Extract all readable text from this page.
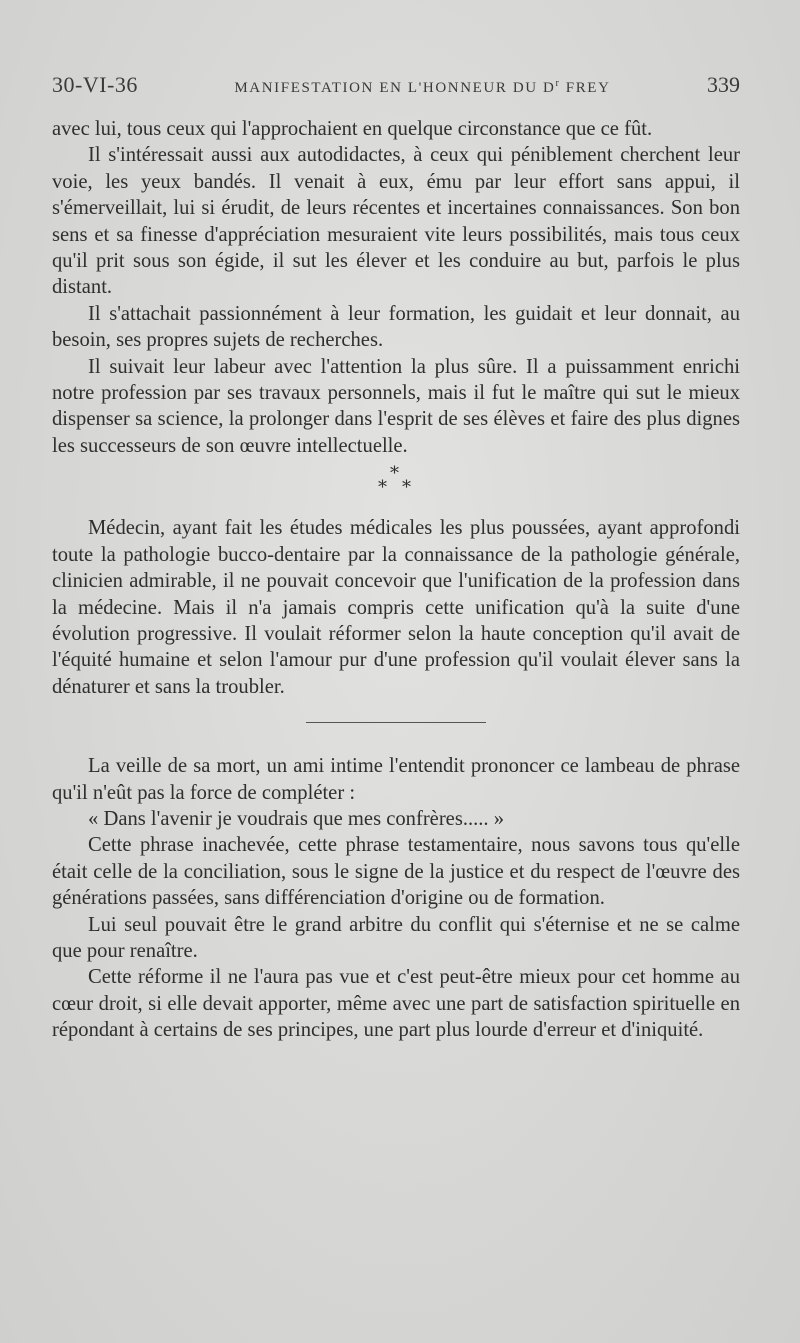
30-VI-36	MANIFESTATION EN L'HONNEUR DU $D^r$ FREY	339

avec lui, tous ceux qui l'approchaient en quelque circonstance que ce fût.

Il s'intéressait aussi aux autodidactes, à ceux qui péniblement cherchent leur voie, les yeux bandés. Il venait à eux, ému par leur effort sans appui, il s'émerveillait, lui si érudit, de leurs récentes et incertaines connaissances. Son bon sens et sa finesse d'appréciation mesuraient vite leurs possibilités, mais tous ceux qu'il prit sous son égide, il sut les élever et les conduire au but, parfois le plus distant.

Il s'attachait passionnément à leur formation, les guidait et leur donnait, au besoin, ses propres sujets de recherches.

Il suivait leur labeur avec l'attention la plus sûre. Il a puissamment enrichi notre profession par ses travaux personnels, mais il fut le maître qui sut le mieux dispenser sa science, la prolonger dans l'esprit de ses élèves et faire des plus dignes les successeurs de son œuvre intellectuelle.

*
* *

Médecin, ayant fait les études médicales les plus poussées, ayant approfondi toute la pathologie bucco-dentaire par la connaissance de la pathologie générale, clinicien admirable, il ne pouvait concevoir que l'unification de la profession dans la médecine. Mais il n'a jamais compris cette unification qu'à la suite d'une évolution progressive. Il voulait réformer selon la haute conception qu'il avait de l'équité humaine et selon l'amour pur d'une profession qu'il voulait élever sans la dénaturer et sans la troubler.

La veille de sa mort, un ami intime l'entendit prononcer ce lambeau de phrase qu'il n'eût pas la force de compléter :

« Dans l'avenir je voudrais que mes confrères..... »

Cette phrase inachevée, cette phrase testamentaire, nous savons tous qu'elle était celle de la conciliation, sous le signe de la justice et du respect de l'œuvre des générations passées, sans différenciation d'origine ou de formation.

Lui seul pouvait être le grand arbitre du conflit qui s'éternise et ne se calme que pour renaître.

Cette réforme il ne l'aura pas vue et c'est peut-être mieux pour cet homme au cœur droit, si elle devait apporter, même avec une part de satisfaction spirituelle en répondant à certains de ses principes, une part plus lourde d'erreur et d'iniquité.
